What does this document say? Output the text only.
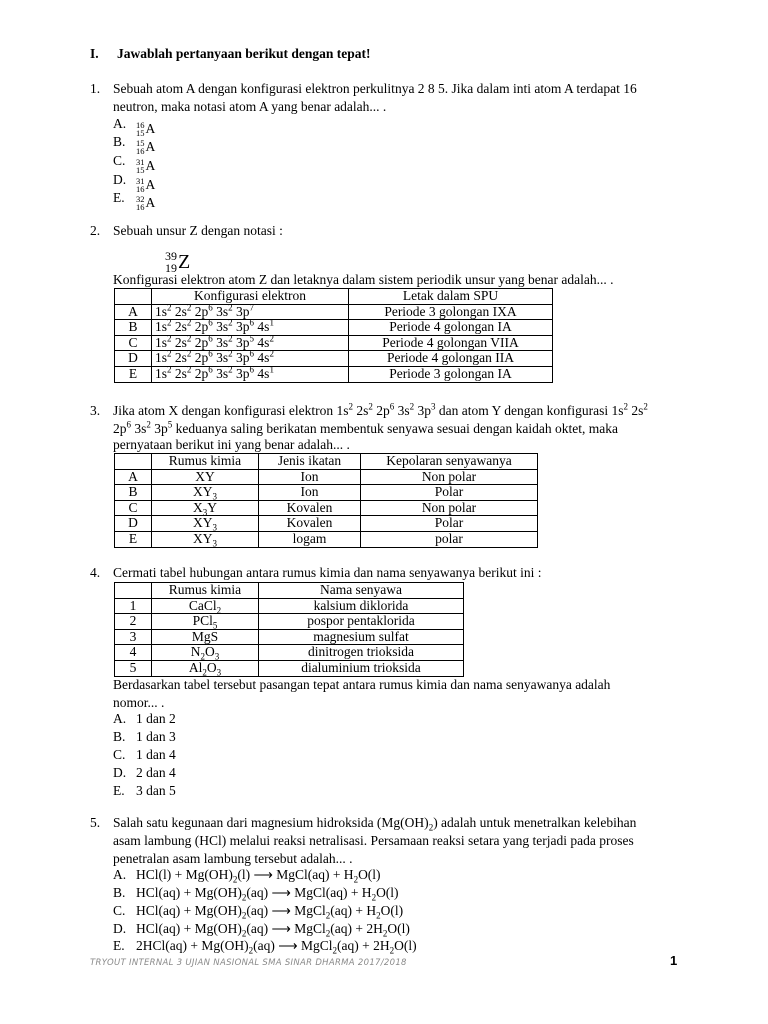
I. Jawablah pertanyaan berikut dengan tepat!
1. Sebuah atom A dengan konfigurasi elektron perkulitnya 2 8 5. Jika dalam inti atom A terdapat 16
neutron, maka notasi atom A yang benar adalah... .
A. 16
15 A
B. 15
16 A
C. 31
15 A
D. 31
16 A
E. 32
16 A
2. Sebuah unsur Z dengan notasi :
39
19 Z
Konfigurasi elektron atom Z dan letaknya dalam sistem periodik unsur yang benar adalah... .
	Konfigurasi elektron	Letak dalam SPU
A	$1s^2$ $2s^2$ $2p^6$ $3s^2$ $3p^7$	Periode 3 golongan IXA
B	$1s^2$ $2s^2$ $2p^6$ $3s^2$ $3p^6$ $4s^1$	Periode 4 golongan IA
C	$1s^2$ $2s^2$ $2p^6$ $3s^2$ $3p^5$ $4s^2$	Periode 4 golongan VIIA
D	$1s^2$ $2s^2$ $2p^6$ $3s^2$ $3p^6$ $4s^2$	Periode 4 golongan IIA
E	$1s^2$ $2s^2$ $2p^6$ $3s^2$ $3p^6$ $4s^1$	Periode 3 golongan IA
3. Jika atom X dengan konfigurasi elektron $1s^2$ $2s^2$ $2p^6$ $3s^2$ $3p^3$ dan atom Y dengan konfigurasi $1s^2$ $2s^2$
$2p^6$ $3s^2$ $3p^5$ keduanya saling berikatan membentuk senyawa sesuai dengan kaidah oktet, maka
pernyataan berikut ini yang benar adalah... .
	Rumus kimia	Jenis ikatan	Kepolaran senyawanya
A	XY	Ion	Non polar
B	$XY_3$	Ion	Polar
C	$X_3Y$	Kovalen	Non polar
D	$XY_3$	Kovalen	Polar
E	$XY_3$	logam	polar
4. Cermati tabel hubungan antara rumus kimia dan nama senyawanya berikut ini :
	Rumus kimia	Nama senyawa
1	CaCl$_2$	kalsium diklorida
2	PCl$_5$	pospor pentaklorida
3	MgS	magnesium sulfat
4	$N_2O_3$	dinitrogen trioksida
5	$Al_2O_3$	dialuminium trioksida
Berdasarkan tabel tersebut pasangan tepat antara rumus kimia dan nama senyawanya adalah
nomor... .
A. 1 dan 2
B. 1 dan 3
C. 1 dan 4
D. 2 dan 4
E. 3 dan 5
5. Salah satu kegunaan dari magnesium hidroksida $(Mg(OH)_2)$ adalah untuk menetralkan kelebihan
asam lambung (HCl) melalui reaksi netralisasi. Persamaan reaksi setara yang terjadi pada proses
penetralan asam lambung tersebut adalah... .
A. $HCl(l) + Mg(OH)_2(l)$ ⟶ MgCl(aq) + $H_2O(l)$
B. $HCl(aq) + Mg(OH)_2(aq)$ ⟶ MgCl(aq) + $H_2O(l)$
C. $HCl(aq) + Mg(OH)_2(aq)$ ⟶ MgCl$_2$(aq) + $H_2O(l)$
D. $HCl(aq) + Mg(OH)_2(aq)$ ⟶ MgCl$_2$(aq) + $2H_2O(l)$
E. $2HCl(aq) + Mg(OH)_2(aq)$ ⟶ MgCl$_2$(aq) + $2H_2O(l)$
TRYOUT INTERNAL 3 UJIAN NASIONAL SMA SINAR DHARMA 2017/2018	1
